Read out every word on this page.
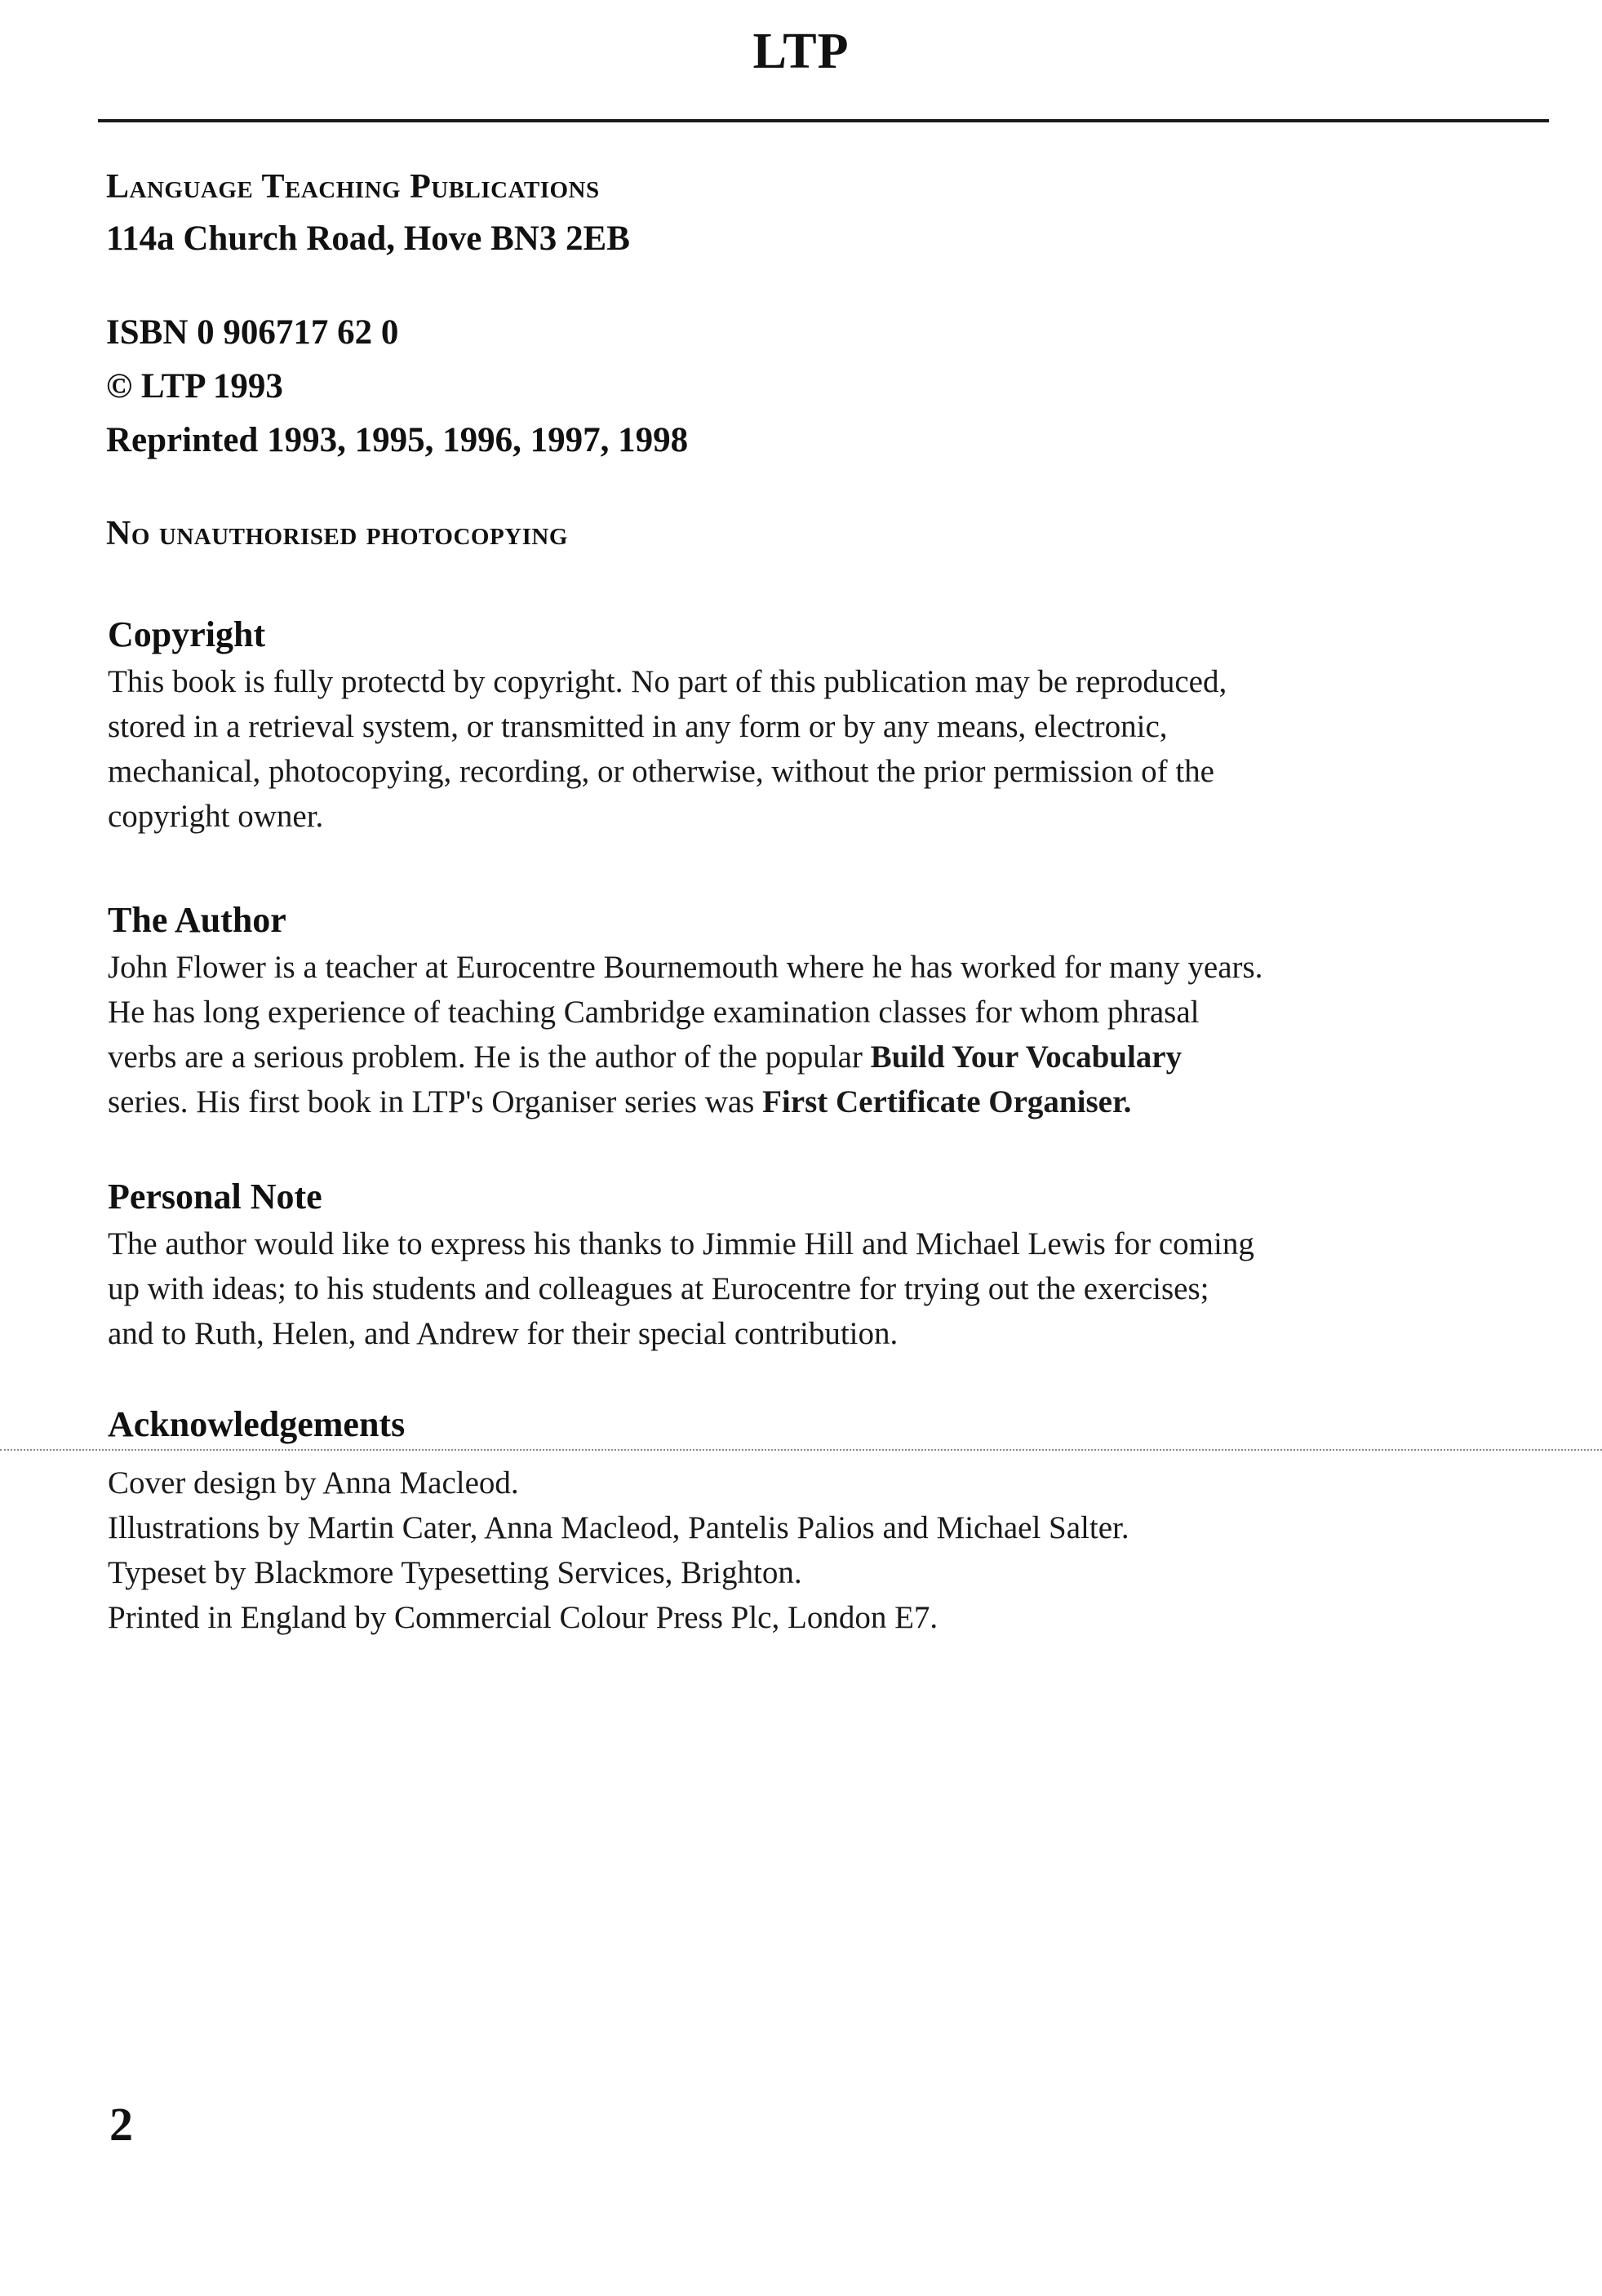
LTP
Language Teaching Publications
114a Church Road, Hove BN3 2EB
ISBN 0 906717 62 0
© LTP 1993
Reprinted 1993, 1995, 1996, 1997, 1998
No unauthorised photocopying
Copyright
This book is fully protectd by copyright. No part of this publication may be reproduced,
stored in a retrieval system, or transmitted in any form or by any means, electronic,
mechanical, photocopying, recording, or otherwise, without the prior permission of the
copyright owner.
The Author
John Flower is a teacher at Eurocentre Bournemouth where he has worked for many years.
He has long experience of teaching Cambridge examination classes for whom phrasal
verbs are a serious problem. He is the author of the popular Build Your Vocabulary
series. His first book in LTP's Organiser series was First Certificate Organiser.
Personal Note
The author would like to express his thanks to Jimmie Hill and Michael Lewis for coming
up with ideas; to his students and colleagues at Eurocentre for trying out the exercises;
and to Ruth, Helen, and Andrew for their special contribution.
Acknowledgements
Cover design by Anna Macleod.
Illustrations by Martin Cater, Anna Macleod, Pantelis Palios and Michael Salter.
Typeset by Blackmore Typesetting Services, Brighton.
Printed in England by Commercial Colour Press Plc, London E7.
2
